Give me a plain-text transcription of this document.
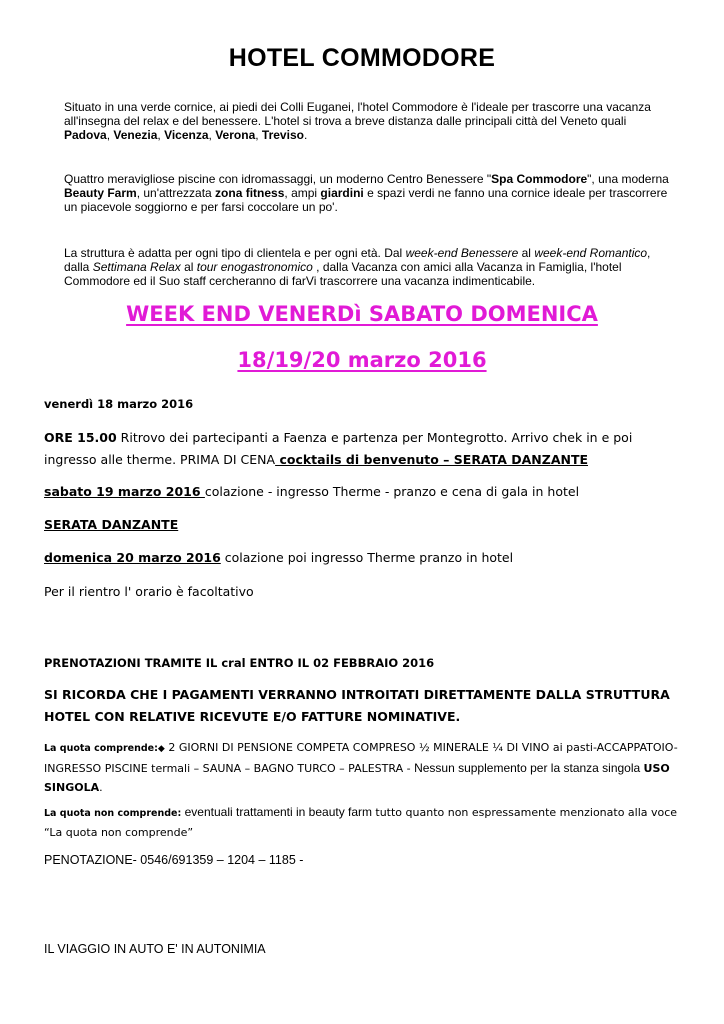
HOTEL COMMODORE
Situato in una verde cornice, ai piedi dei Colli Euganei, l'hotel Commodore è l'ideale per trascorre una vacanza all'insegna del relax e del benessere. L'hotel si trova a breve distanza dalle principali città del Veneto quali Padova, Venezia, Vicenza, Verona, Treviso.
Quattro meravigliose piscine con idromassaggi, un moderno Centro Benessere "Spa Commodore", una moderna Beauty Farm, un'attrezzata zona fitness, ampi giardini e spazi verdi ne fanno una cornice ideale per trascorrere un piacevole soggiorno e per farsi coccolare un po'.
La struttura è adatta per ogni tipo di clientela e per ogni età. Dal week-end Benessere al week-end Romantico, dalla Settimana Relax al tour enogastronomico , dalla Vacanza con amici alla Vacanza in Famiglia, l'hotel Commodore ed il Suo staff cercheranno di farVi trascorrere una vacanza indimenticabile.
WEEK END VENERDì SABATO DOMENICA
18/19/20 marzo 2016
venerdì 18 marzo 2016
ORE 15.00 Ritrovo dei partecipanti a Faenza e partenza per Montegrotto. Arrivo chek in e poi ingresso alle therme. PRIMA DI CENA cocktails di benvenuto – SERATA DANZANTE
sabato 19 marzo 2016 colazione - ingresso Therme - pranzo e cena di gala in hotel
SERATA DANZANTE
domenica 20 marzo 2016 colazione poi ingresso Therme pranzo in hotel
Per il rientro l' orario è facoltativo
PRENOTAZIONI TRAMITE IL cral ENTRO IL 02 FEBBRAIO 2016
SI RICORDA CHE I PAGAMENTI VERRANNO INTROITATI DIRETTAMENTE DALLA STRUTTURA HOTEL CON RELATIVE RICEVUTE E/O FATTURE NOMINATIVE.
La quota comprende:◆ 2 GIORNI DI PENSIONE COMPETA COMPRESO ½ MINERALE ¼ DI VINO ai pasti-ACCAPPATOIO- INGRESSO PISCINE termali – SAUNA – BAGNO TURCO – PALESTRA - Nessun supplemento per la stanza singola USO SINGOLA.
La quota non comprende: eventuali trattamenti in beauty farm tutto quanto non espressamente menzionato alla voce “La quota non comprende”
PENOTAZIONE- 0546/691359 – 1204 – 1185 -
IL VIAGGIO IN AUTO E' IN AUTONIMIA
